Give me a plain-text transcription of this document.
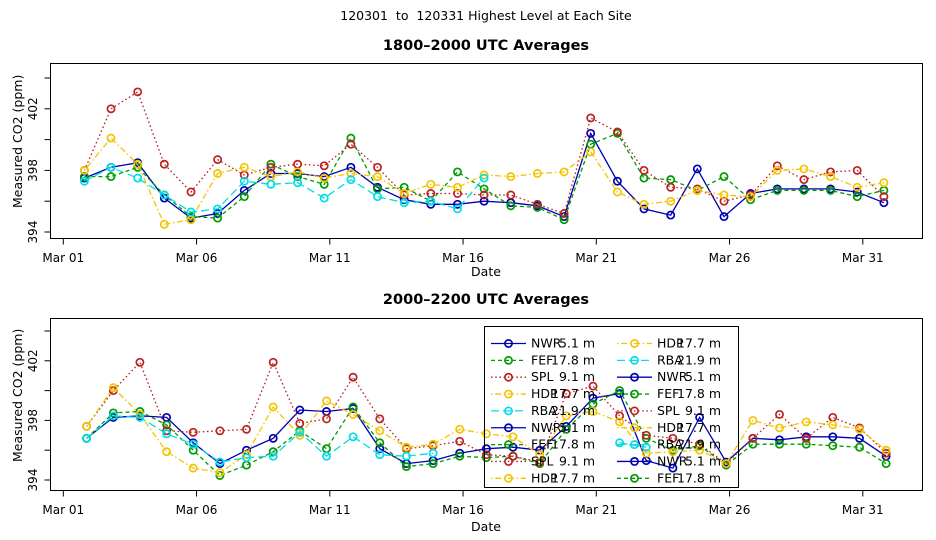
Mar 01	Mar 06	Mar 11	Mar 16	Mar 21	Mar 26	Mar 31
394
398
402
Mar 01	Mar 06	Mar 11	Mar 16	Mar 21	Mar 26	Mar 31
394
398
402
NWR
5.1 m
FEF
17.8 m
SPL 9.1 m
HDP
17.7 m
RBA
21.9 m
NWR
5.1 m
FEF
17.8 m
SPL 9.1 m
HDP
17.7 m
HDP
17.7 m
RBA
21.9 m
NWR
5.1 m
FEF
17.8 m
SPL 9.1 m
HDP
17.7 m
RBA
21.9 m
NWR
5.1 m
FEF
17.8 m
120301  to  120331 Highest Level at Each Site
1800–2000 UTC Averages
2000–2200 UTC Averages
Date
Date
Measured CO2 (ppm)
Measured CO2 (ppm)
